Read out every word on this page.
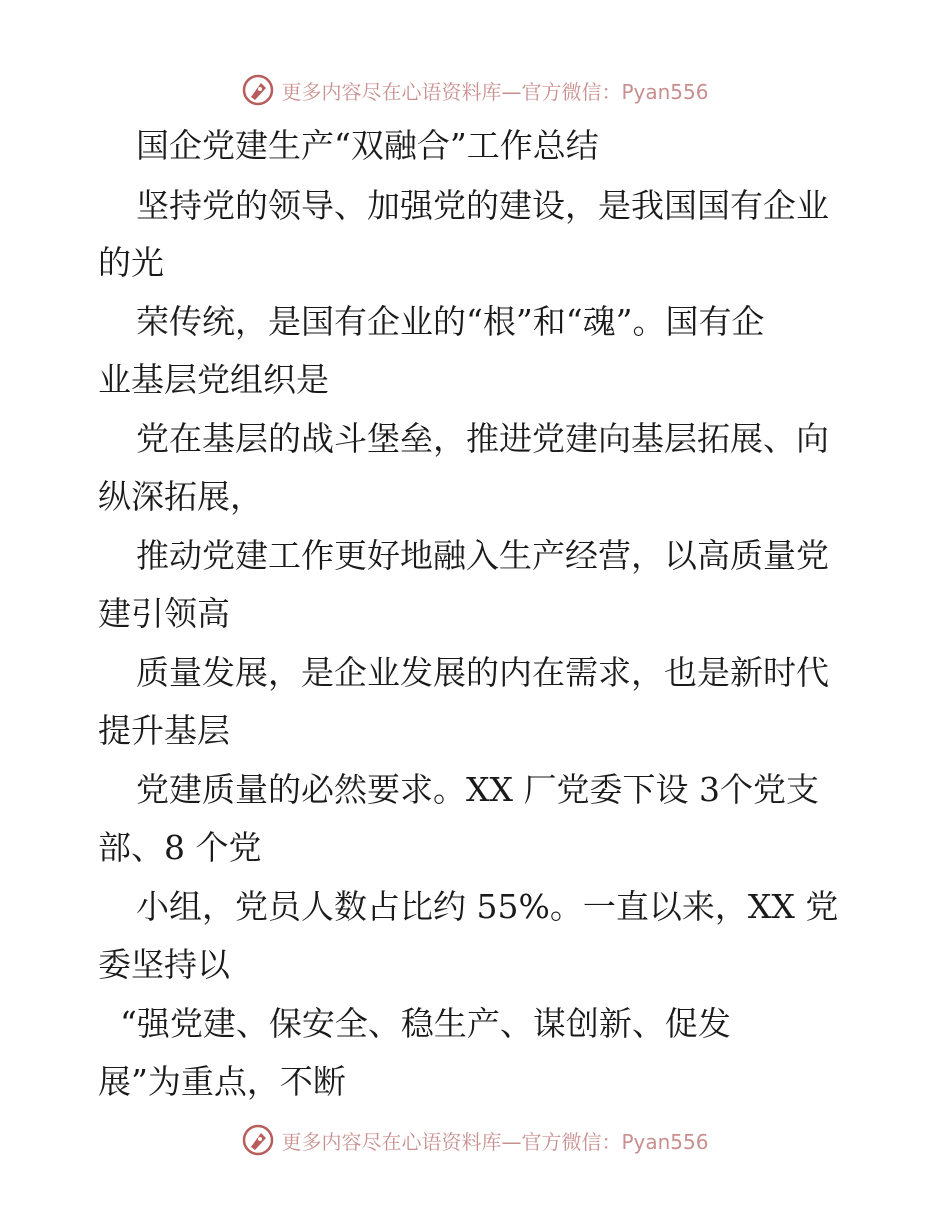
更多内容尽在心语资料库—官方微信：Pyan556
国企党建生产“双融合”工作总结
坚持党的领导、加强党的建设，是我国国有企业
的光
荣传统，是国有企业的“根”和“魂”。国有企
业基层党组织是
党在基层的战斗堡垒，推进党建向基层拓展、向
纵深拓展，
推动党建工作更好地融入生产经营，以高质量党
建引领高
质量发展，是企业发展的内在需求，也是新时代
提升基层
党建质量的必然要求。XX 厂党委下设 3个党支
部、8 个党
小组，党员人数占比约 55%。一直以来，XX 党
委坚持以
“强党建、保安全、稳生产、谋创新、促发
展”为重点，不断
更多内容尽在心语资料库—官方微信：Pyan556
